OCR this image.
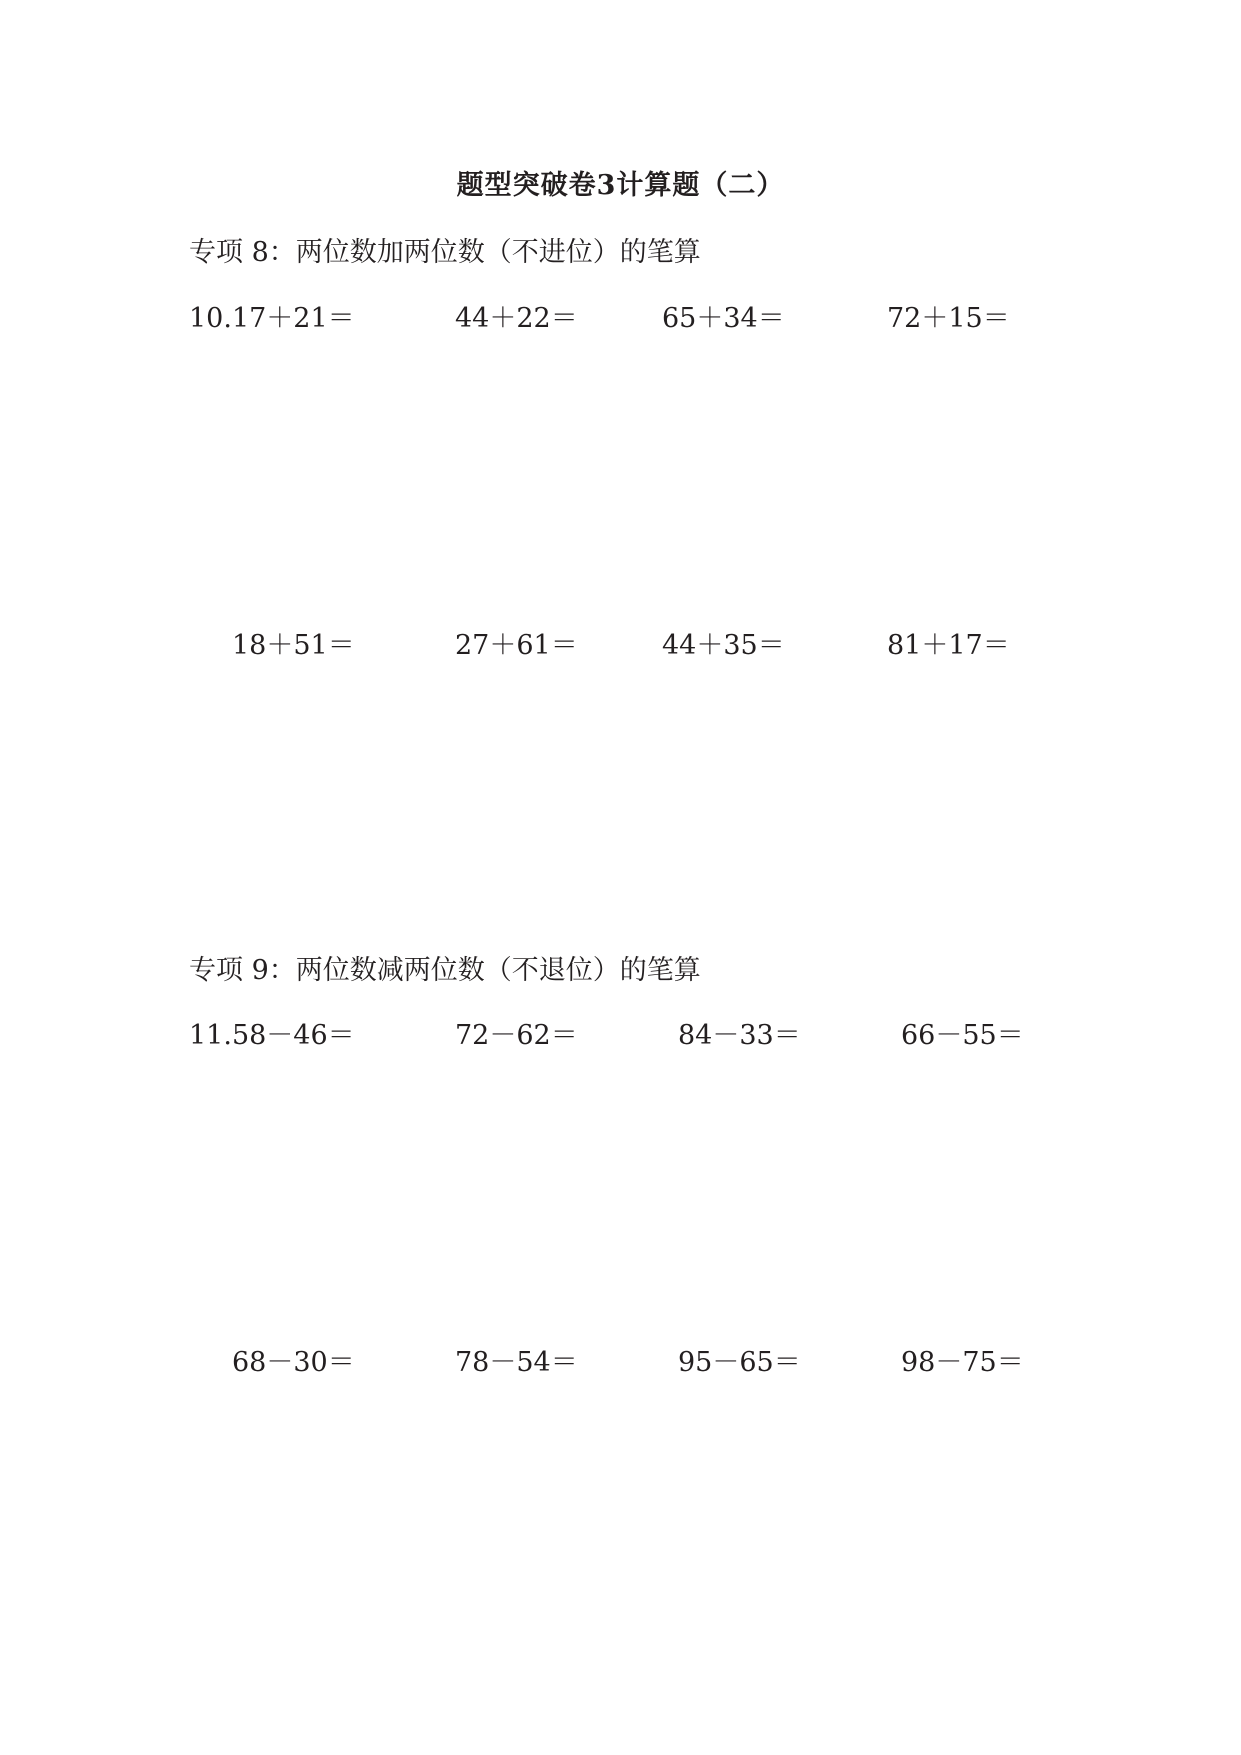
题型突破卷3计算题（二）
专项 8：两位数加两位数（不进位）的笔算
10.17＋21＝	44＋22＝	65＋34＝	72＋15＝
18＋51＝	27＋61＝	44＋35＝	81＋17＝
专项 9：两位数减两位数（不退位）的笔算
11.58－46＝	72－62＝	84－33＝	66－55＝
68－30＝	78－54＝	95－65＝	98－75＝
